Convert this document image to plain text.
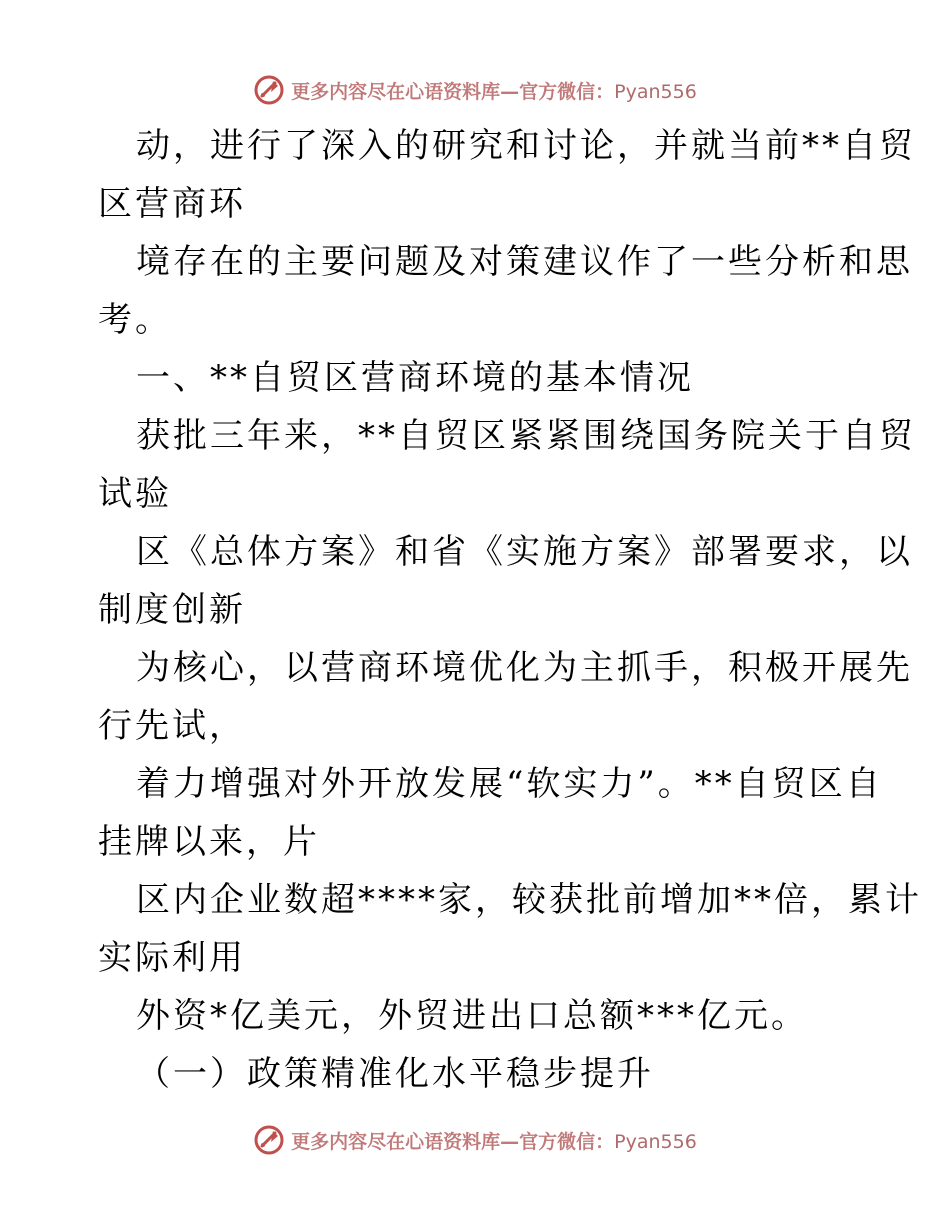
更多内容尽在心语资料库—官方微信：Pyan556
动，进行了深入的研究和讨论，并就当前**自贸
区营商环
境存在的主要问题及对策建议作了一些分析和思
考。
一、**自贸区营商环境的基本情况
获批三年来，**自贸区紧紧围绕国务院关于自贸
试验
区《总体方案》和省《实施方案》部署要求，以
制度创新
为核心，以营商环境优化为主抓手，积极开展先
行先试，
着力增强对外开放发展“软实力”。**自贸区自
挂牌以来，片
区内企业数超****家，较获批前增加**倍，累计
实际利用
外资*亿美元，外贸进出口总额***亿元。
（一）政策精准化水平稳步提升
更多内容尽在心语资料库—官方微信：Pyan556
